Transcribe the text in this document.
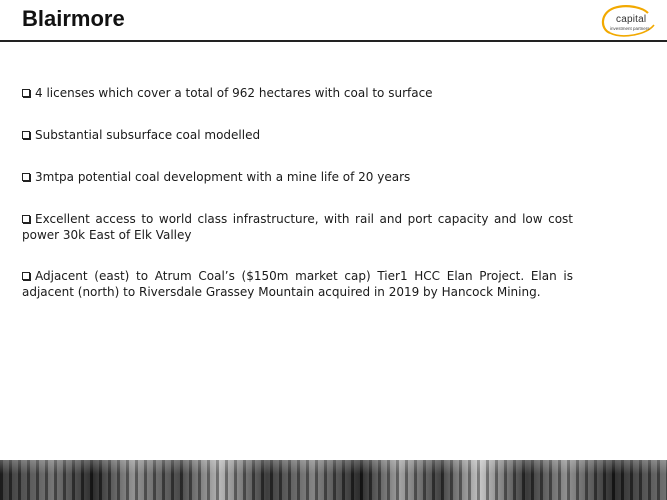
Blairmore	capital
investment partners
4 licenses which cover a total of 962 hectares with coal to surface
Substantial subsurface coal modelled
3mtpa potential coal development with a mine life of 20 years
Excellent access to world class infrastructure, with rail and port capacity and low cost power 30k East of Elk Valley
Adjacent (east) to Atrum Coal’s ($150m market cap) Tier1 HCC Elan Project. Elan is adjacent (north) to Riversdale Grassey Mountain acquired in 2019 by Hancock Mining.
